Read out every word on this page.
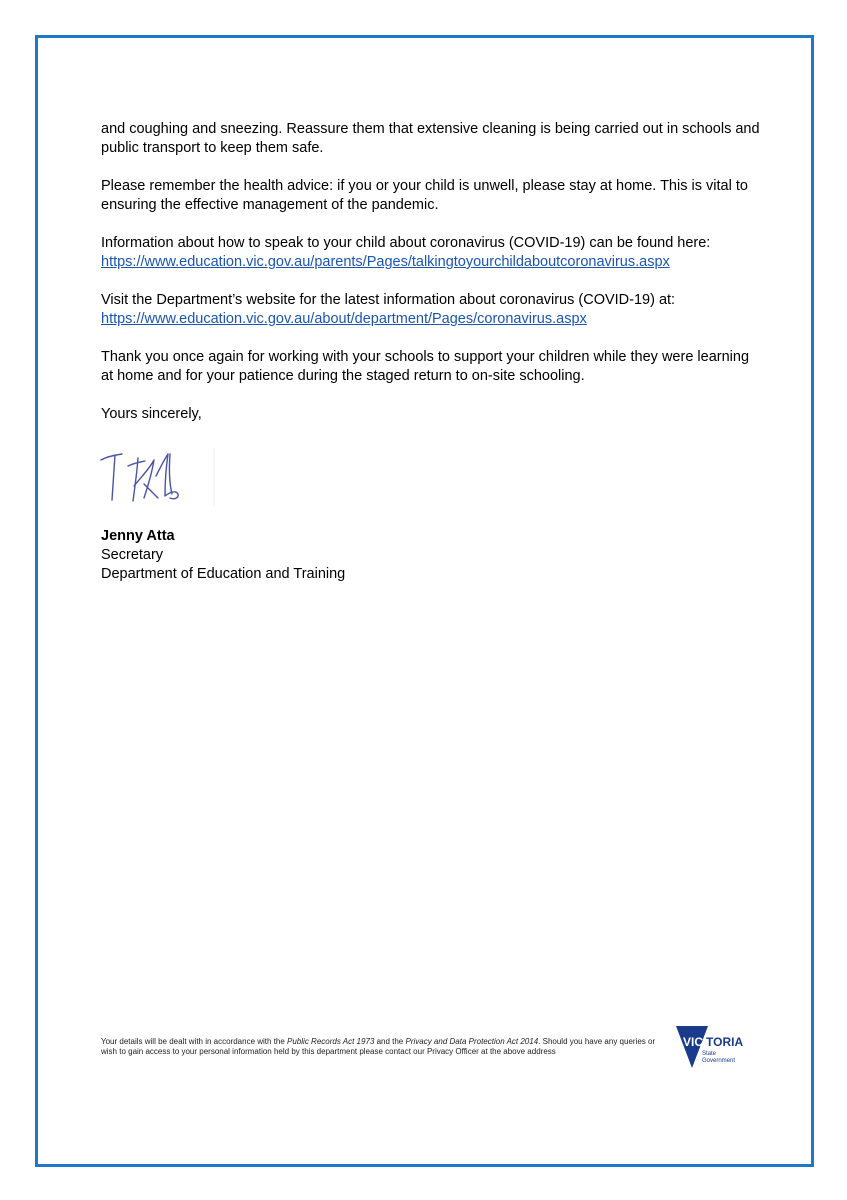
and coughing and sneezing. Reassure them that extensive cleaning is being carried out in schools and public transport to keep them safe.

Please remember the health advice: if you or your child is unwell, please stay at home. This is vital to ensuring the effective management of the pandemic.

Information about how to speak to your child about coronavirus (COVID-19) can be found here:
https://www.education.vic.gov.au/parents/Pages/talkingtoyourchildaboutcoronavirus.aspx

Visit the Department’s website for the latest information about coronavirus (COVID-19) at:
https://www.education.vic.gov.au/about/department/Pages/coronavirus.aspx

Thank you once again for working with your schools to support your children while they were learning at home and for your patience during the staged return to on-site schooling.

Yours sincerely,

Jenny Atta
Secretary
Department of Education and Training
Your details will be dealt with in accordance with the Public Records Act 1973 and the Privacy and Data Protection Act 2014. Should you have any queries or wish to gain access to your personal information held by this department please contact our Privacy Officer at the above address
VIC TORIA
State
Government
